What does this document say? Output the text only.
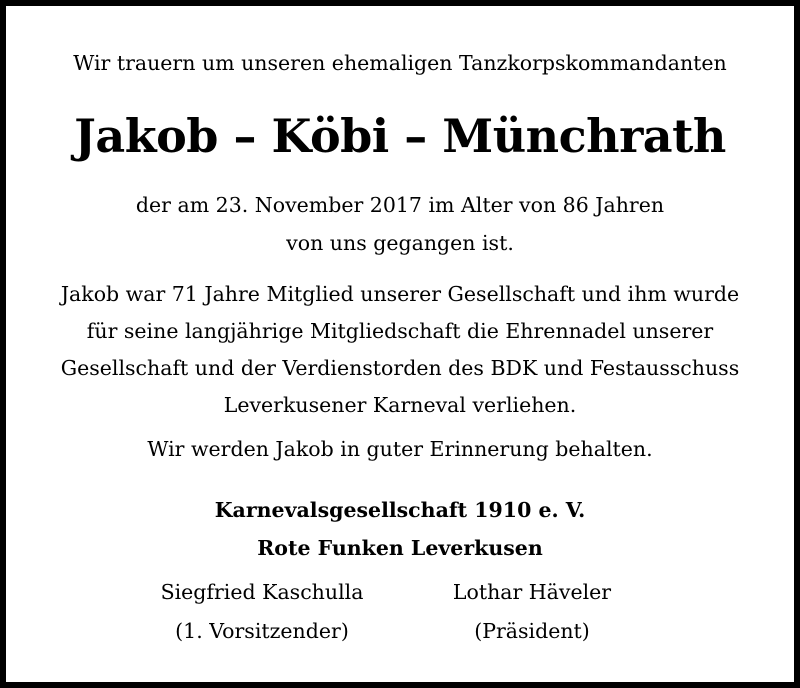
Wir trauern um unseren ehemaligen Tanzkorpskommandanten
Jakob – Köbi – Münchrath
der am 23. November 2017 im Alter von 86 Jahren
von uns gegangen ist.
Jakob war 71 Jahre Mitglied unserer Gesellschaft und ihm wurde
für seine langjährige Mitgliedschaft die Ehrennadel unserer
Gesellschaft und der Verdienstorden des BDK und Festausschuss
Leverkusener Karneval verliehen.
Wir werden Jakob in guter Erinnerung behalten.
Karnevalsgesellschaft 1910 e. V.
Rote Funken Leverkusen
Siegfried Kaschulla
(1. Vorsitzender)
Lothar Häveler
(Präsident)
